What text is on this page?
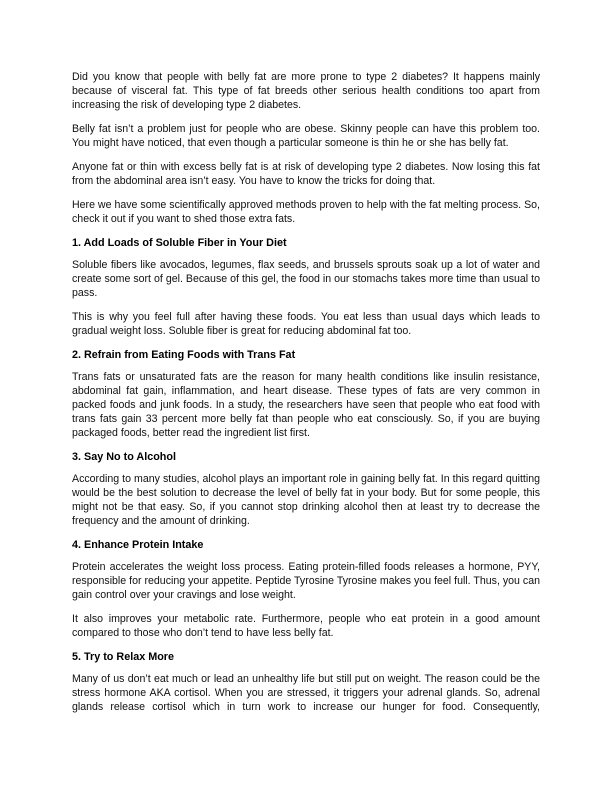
Did you know that people with belly fat are more prone to type 2 diabetes? It happens mainly because of visceral fat. This type of fat breeds other serious health conditions too apart from increasing the risk of developing type 2 diabetes.

Belly fat isn’t a problem just for people who are obese. Skinny people can have this problem too. You might have noticed, that even though a particular someone is thin he or she has belly fat.

Anyone fat or thin with excess belly fat is at risk of developing type 2 diabetes. Now losing this fat from the abdominal area isn’t easy. You have to know the tricks for doing that.

Here we have some scientifically approved methods proven to help with the fat melting process. So, check it out if you want to shed those extra fats.

1. Add Loads of Soluble Fiber in Your Diet

Soluble fibers like avocados, legumes, flax seeds, and brussels sprouts soak up a lot of water and create some sort of gel. Because of this gel, the food in our stomachs takes more time than usual to pass.

This is why you feel full after having these foods. You eat less than usual days which leads to gradual weight loss. Soluble fiber is great for reducing abdominal fat too.

2. Refrain from Eating Foods with Trans Fat

Trans fats or unsaturated fats are the reason for many health conditions like insulin resistance, abdominal fat gain, inflammation, and heart disease. These types of fats are very common in packed foods and junk foods. In a study, the researchers have seen that people who eat food with trans fats gain 33 percent more belly fat than people who eat consciously. So, if you are buying packaged foods, better read the ingredient list first.

3. Say No to Alcohol

According to many studies, alcohol plays an important role in gaining belly fat. In this regard quitting would be the best solution to decrease the level of belly fat in your body. But for some people, this might not be that easy. So, if you cannot stop drinking alcohol then at least try to decrease the frequency and the amount of drinking.

4. Enhance Protein Intake

Protein accelerates the weight loss process. Eating protein-filled foods releases a hormone, PYY, responsible for reducing your appetite. Peptide Tyrosine Tyrosine makes you feel full. Thus, you can gain control over your cravings and lose weight.

It also improves your metabolic rate. Furthermore, people who eat protein in a good amount compared to those who don’t tend to have less belly fat.

5. Try to Relax More

Many of us don’t eat much or lead an unhealthy life but still put on weight. The reason could be the stress hormone AKA cortisol. When you are stressed, it triggers your adrenal glands. So, adrenal glands release cortisol which in turn work to increase our hunger for food. Consequently,
